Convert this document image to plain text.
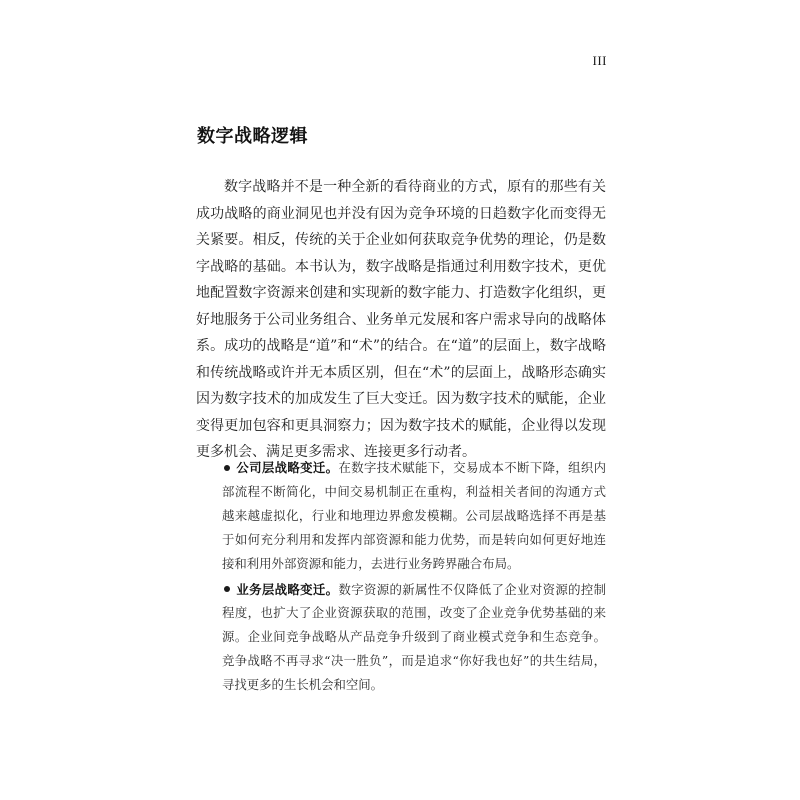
III
数字战略逻辑

数字战略并不是一种全新的看待商业的方式，原有的那些有关成功战略的商业洞见也并没有因为竞争环境的日趋数字化而变得无关紧要。相反，传统的关于企业如何获取竞争优势的理论，仍是数字战略的基础。本书认为，数字战略是指通过利用数字技术，更优地配置数字资源来创建和实现新的数字能力、打造数字化组织，更好地服务于公司业务组合、业务单元发展和客户需求导向的战略体系。成功的战略是“道”和“术”的结合。在“道”的层面上，数字战略和传统战略或许并无本质区别，但在“术”的层面上，战略形态确实因为数字技术的加成发生了巨大变迁。因为数字技术的赋能，企业变得更加包容和更具洞察力；因为数字技术的赋能，企业得以发现更多机会、满足更多需求、连接更多行动者。

公司层战略变迁。在数字技术赋能下，交易成本不断下降，组织内部流程不断简化，中间交易机制正在重构，利益相关者间的沟通方式越来越虚拟化，行业和地理边界愈发模糊。公司层战略选择不再是基于如何充分利用和发挥内部资源和能力优势，而是转向如何更好地连接和利用外部资源和能力，去进行业务跨界融合布局。
业务层战略变迁。数字资源的新属性不仅降低了企业对资源的控制程度，也扩大了企业资源获取的范围，改变了企业竞争优势基础的来源。企业间竞争战略从产品竞争升级到了商业模式竞争和生态竞争。竞争战略不再寻求“决一胜负”，而是追求“你好我也好”的共生结局，寻找更多的生长机会和空间。
